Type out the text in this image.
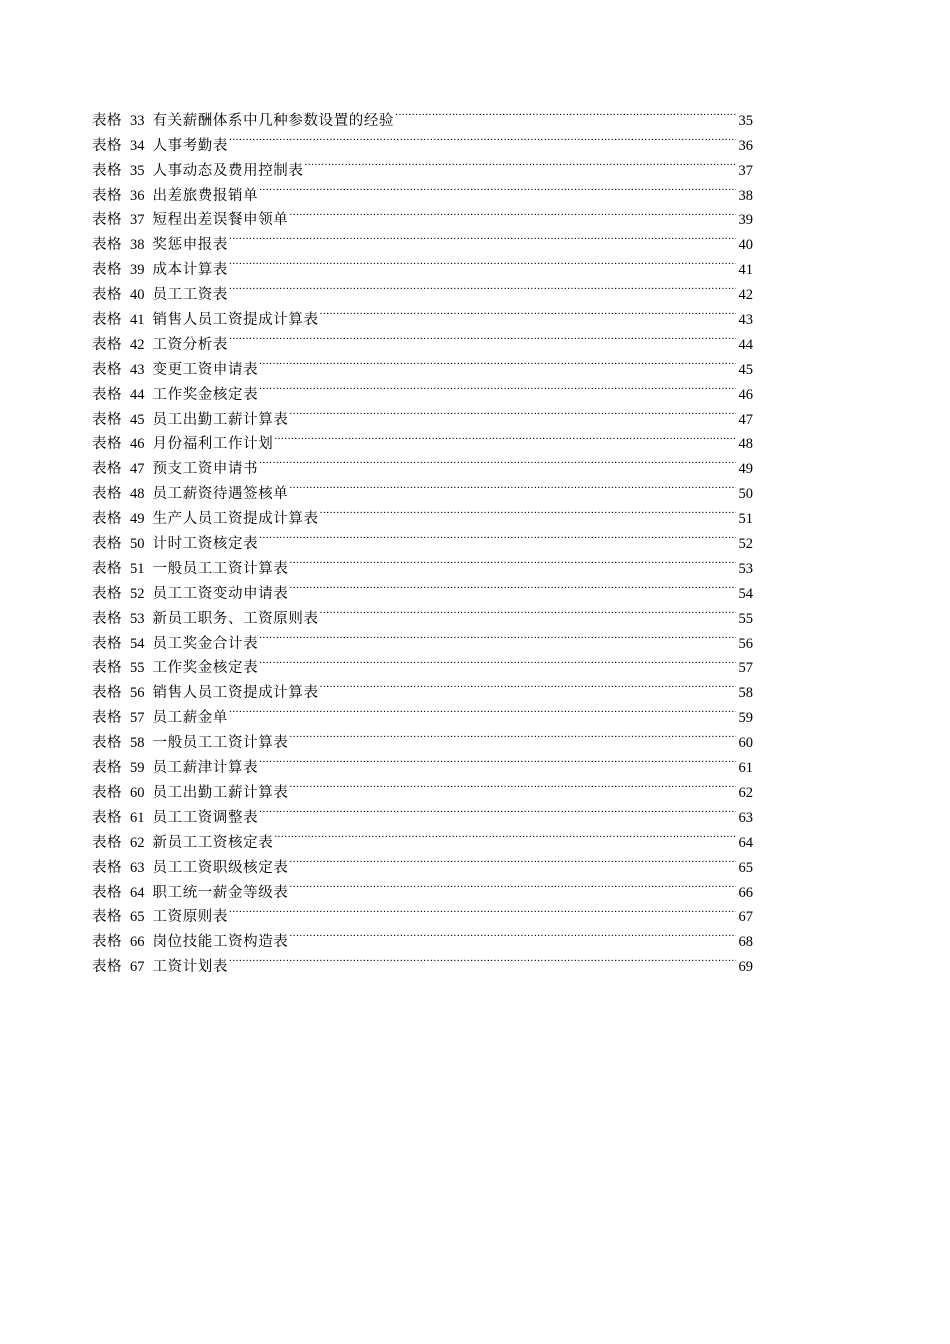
表格 33 有关薪酬体系中几种参数设置的经验 .....	35
表格 34 人事考勤表 .....	36
表格 35 人事动态及费用控制表 .....	37
表格 36 出差旅费报销单 .....	38
表格 37 短程出差误餐申领单 .....	39
表格 38 奖惩申报表 .....	40
表格 39 成本计算表 .....	41
表格 40 员工工资表 .....	42
表格 41 销售人员工资提成计算表 .....	43
表格 42 工资分析表 .....	44
表格 43 变更工资申请表 .....	45
表格 44 工作奖金核定表 .....	46
表格 45 员工出勤工薪计算表 .....	47
表格 46 月份福利工作计划 .....	48
表格 47 预支工资申请书 .....	49
表格 48 员工薪资待遇签核单 .....	50
表格 49 生产人员工资提成计算表 .....	51
表格 50 计时工资核定表 .....	52
表格 51 一般员工工资计算表 .....	53
表格 52 员工工资变动申请表 .....	54
表格 53 新员工职务、工资原则表 .....	55
表格 54 员工奖金合计表 .....	56
表格 55 工作奖金核定表 .....	57
表格 56 销售人员工资提成计算表 .....	58
表格 57 员工薪金单 .....	59
表格 58 一般员工工资计算表 .....	60
表格 59 员工薪津计算表 .....	61
表格 60 员工出勤工薪计算表 .....	62
表格 61 员工工资调整表 .....	63
表格 62 新员工工资核定表 .....	64
表格 63 员工工资职级核定表 .....	65
表格 64 职工统一薪金等级表 .....	66
表格 65 工资原则表 .....	67
表格 66 岗位技能工资构造表 .....	68
表格 67 工资计划表 .....	69
